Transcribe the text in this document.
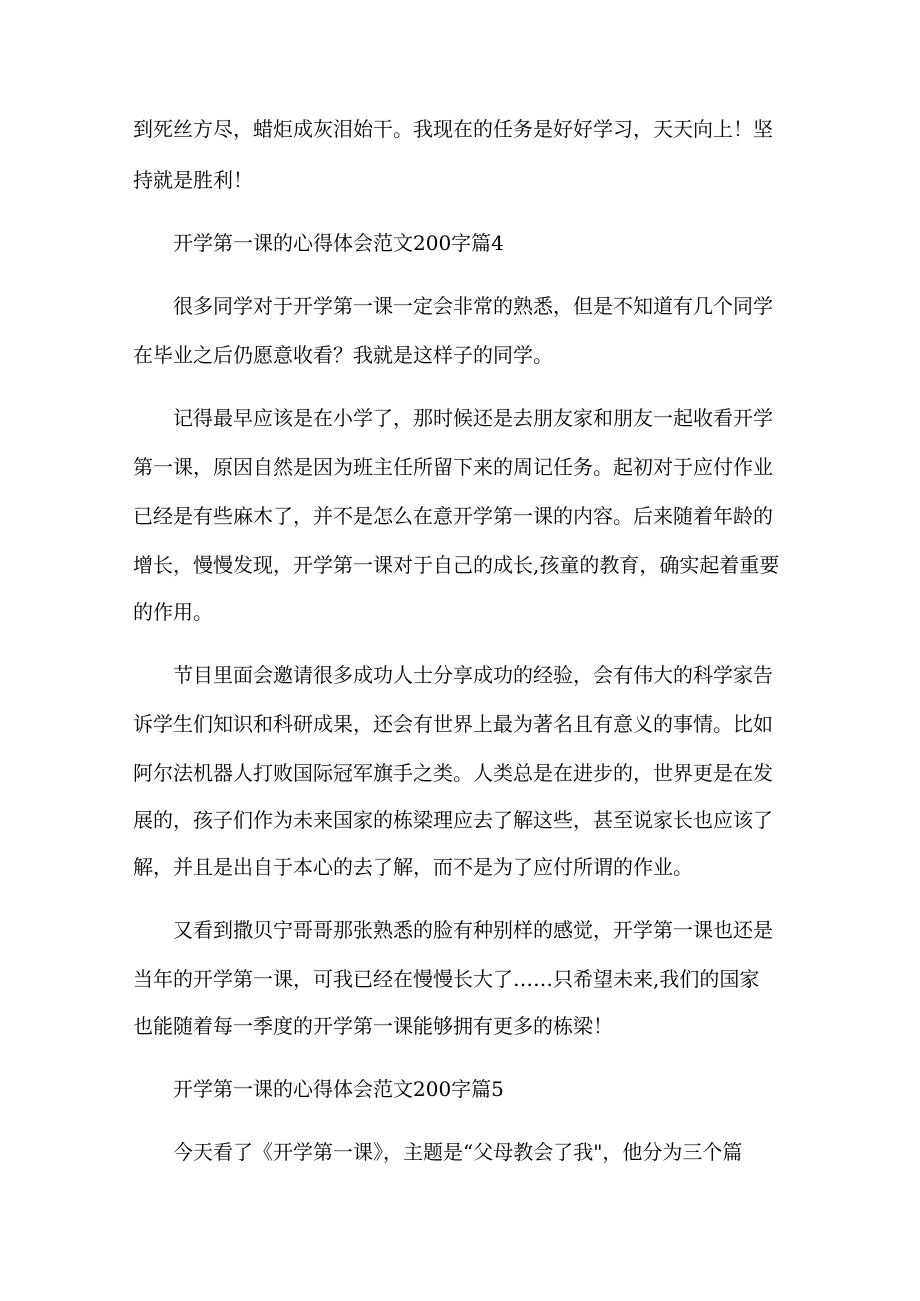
到死丝方尽，蜡炬成灰泪始干。我现在的任务是好好学习，天天向上！坚

持就是胜利！

开学第一课的心得体会范文200字篇4

很多同学对于开学第一课一定会非常的熟悉，但是不知道有几个同学

在毕业之后仍愿意收看？我就是这样子的同学。

记得最早应该是在小学了，那时候还是去朋友家和朋友一起收看开学

第一课，原因自然是因为班主任所留下来的周记任务。起初对于应付作业

已经是有些麻木了，并不是怎么在意开学第一课的内容。后来随着年龄的

增长，慢慢发现，开学第一课对于自己的成长,孩童的教育，确实起着重要

的作用。

节目里面会邀请很多成功人士分享成功的经验，会有伟大的科学家告

诉学生们知识和科研成果，还会有世界上最为著名且有意义的事情。比如

阿尔法机器人打败国际冠军旗手之类。人类总是在进步的，世界更是在发

展的，孩子们作为未来国家的栋梁理应去了解这些，甚至说家长也应该了

解，并且是出自于本心的去了解，而不是为了应付所谓的作业。

又看到撒贝宁哥哥那张熟悉的脸有种别样的感觉，开学第一课也还是

当年的开学第一课，可我已经在慢慢长大了……只希望未来,我们的国家

也能随着每一季度的开学第一课能够拥有更多的栋梁！

开学第一课的心得体会范文200字篇5

今天看了《开学第一课》，主题是“父母教会了我"，他分为三个篇
